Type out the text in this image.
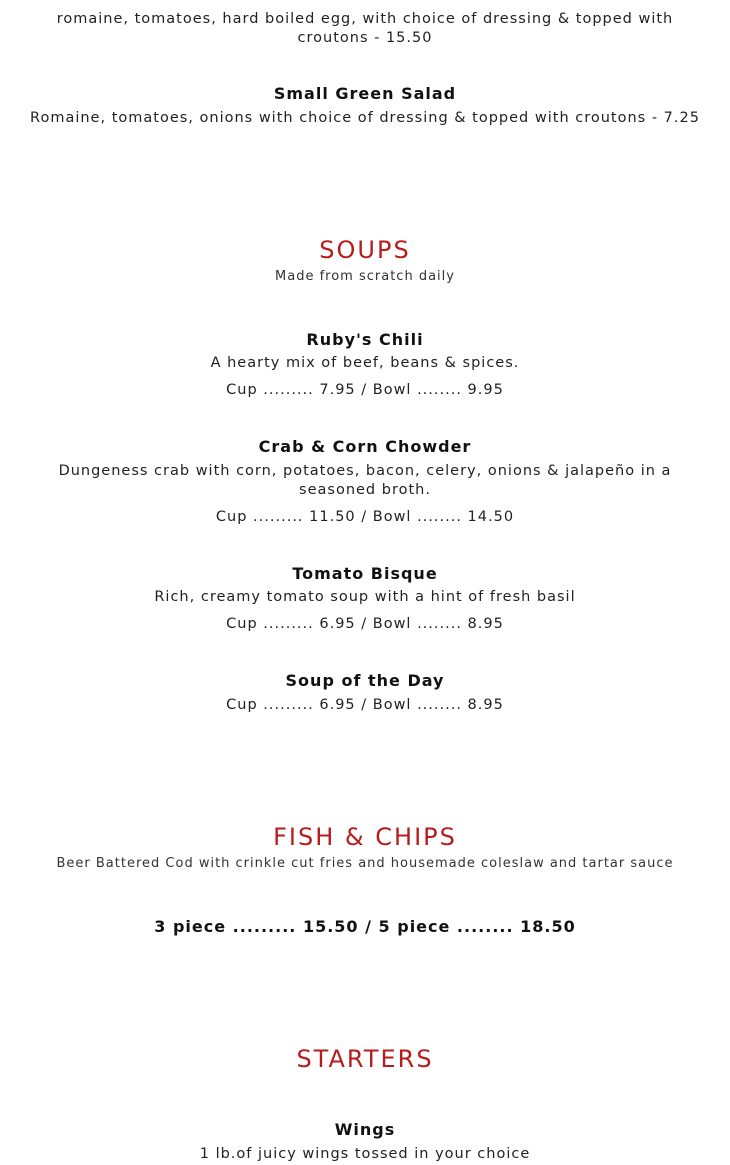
romaine, tomatoes, hard boiled egg, with choice of dressing & topped with croutons - 15.50
Small Green Salad
Romaine, tomatoes, onions with choice of dressing & topped with croutons - 7.25
SOUPS
Made from scratch daily
Ruby's Chili
A hearty mix of beef, beans & spices.
Cup ......... 7.95 / Bowl ........ 9.95
Crab & Corn Chowder
Dungeness crab with corn, potatoes, bacon, celery, onions & jalapeño in a seasoned broth.
Cup ......... 11.50 / Bowl ........ 14.50
Tomato Bisque
Rich, creamy tomato soup with a hint of fresh basil
Cup ......... 6.95 / Bowl ........ 8.95
Soup of the Day
Cup ......... 6.95 / Bowl ........ 8.95
FISH & CHIPS
Beer Battered Cod with crinkle cut fries and housemade coleslaw and tartar sauce
3 piece ......... 15.50 / 5 piece ........ 18.50
STARTERS
Wings
1 lb.of juicy wings tossed in your choice
